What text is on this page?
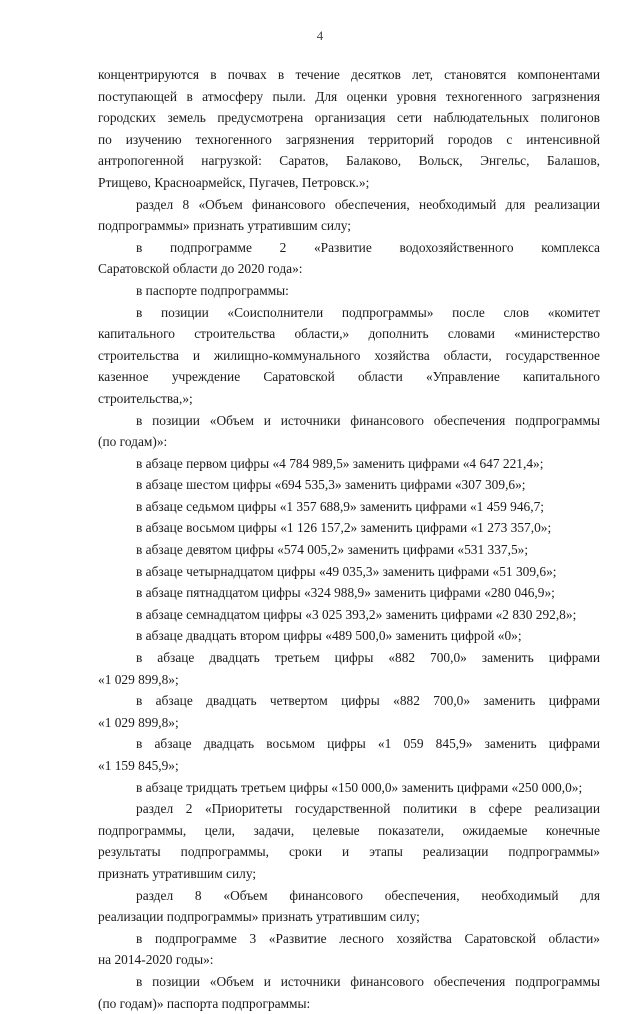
4
концентрируются в почвах в течение десятков лет, становятся компонентами
поступающей в атмосферу пыли. Для оценки уровня техногенного загрязнения
городских земель предусмотрена организация сети наблюдательных полигонов
по изучению техногенного загрязнения территорий городов с интенсивной
антропогенной нагрузкой: Саратов, Балаково, Вольск, Энгельс, Балашов,
Ртищево, Красноармейск, Пугачев, Петровск.»;
раздел 8 «Объем финансового обеспечения, необходимый для реализации
подпрограммы» признать утратившим силу;
в подпрограмме 2 «Развитие водохозяйственного комплекса
Саратовской области до 2020 года»:
в паспорте подпрограммы:
в позиции «Соисполнители подпрограммы» после слов «комитет
капитального строительства области,» дополнить словами «министерство
строительства и жилищно-коммунального хозяйства области, государственное
казенное учреждение Саратовской области «Управление капитального
строительства,»;
в позиции «Объем и источники финансового обеспечения подпрограммы
(по годам)»:
в абзаце первом цифры «4 784 989,5» заменить цифрами «4 647 221,4»;
в абзаце шестом цифры «694 535,3» заменить цифрами «307 309,6»;
в абзаце седьмом цифры «1 357 688,9» заменить цифрами «1 459 946,7;
в абзаце восьмом цифры «1 126 157,2» заменить цифрами «1 273 357,0»;
в абзаце девятом цифры «574 005,2» заменить цифрами «531 337,5»;
в абзаце четырнадцатом цифры «49 035,3» заменить цифрами «51 309,6»;
в абзаце пятнадцатом цифры «324 988,9» заменить цифрами «280 046,9»;
в абзаце семнадцатом цифры «3 025 393,2» заменить цифрами «2 830 292,8»;
в абзаце двадцать втором цифры «489 500,0» заменить цифрой «0»;
в абзаце двадцать третьем цифры «882 700,0» заменить цифрами
«1 029 899,8»;
в абзаце двадцать четвертом цифры «882 700,0» заменить цифрами
«1 029 899,8»;
в абзаце двадцать восьмом цифры «1 059 845,9» заменить цифрами
«1 159 845,9»;
в абзаце тридцать третьем цифры «150 000,0» заменить цифрами «250 000,0»;
раздел 2 «Приоритеты государственной политики в сфере реализации
подпрограммы, цели, задачи, целевые показатели, ожидаемые конечные
результаты подпрограммы, сроки и этапы реализации подпрограммы»
признать утратившим силу;
раздел 8 «Объем финансового обеспечения, необходимый для
реализации подпрограммы» признать утратившим силу;
в подпрограмме 3 «Развитие лесного хозяйства Саратовской области»
на 2014-2020 годы»:
в позиции «Объем и источники финансового обеспечения подпрограммы
(по годам)» паспорта подпрограммы:
